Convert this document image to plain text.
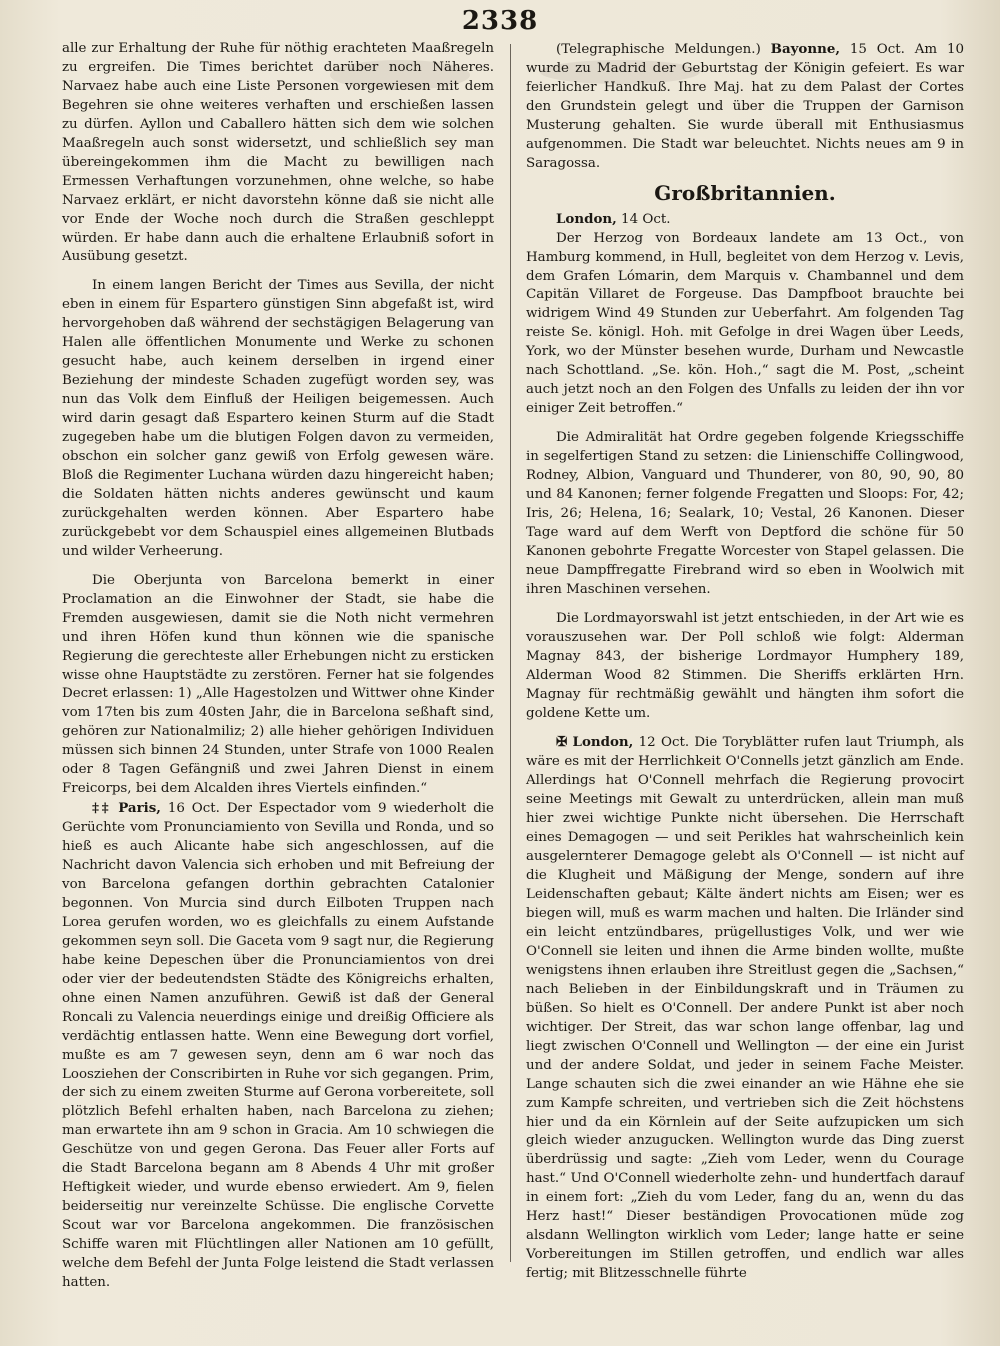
2338

alle zur Erhaltung der Ruhe für nöthig erachteten Maaßregeln zu ergreifen. Die Times berichtet darüber noch Näheres. Narvaez habe auch eine Liste Personen vorgewiesen mit dem Begehren sie ohne weiteres verhaften und erschießen lassen zu dürfen. Ayllon und Caballero hätten sich dem wie solchen Maaßregeln auch sonst widersetzt, und schließlich sey man übereingekommen ihm die Macht zu bewilligen nach Ermessen Verhaftungen vorzunehmen, ohne welche, so habe Narvaez erklärt, er nicht davorstehn könne daß sie nicht alle vor Ende der Woche noch durch die Straßen geschleppt würden. Er habe dann auch die erhaltene Erlaubniß sofort in Ausübung gesetzt.

In einem langen Bericht der Times aus Sevilla, der nicht eben in einem für Espartero günstigen Sinn abgefaßt ist, wird hervorgehoben daß während der sechstägigen Belagerung van Halen alle öffentlichen Monumente und Werke zu schonen gesucht habe, auch keinem derselben in irgend einer Beziehung der mindeste Schaden zugefügt worden sey, was nun das Volk dem Einfluß der Heiligen beigemessen. Auch wird darin gesagt daß Espartero keinen Sturm auf die Stadt zugegeben habe um die blutigen Folgen davon zu vermeiden, obschon ein solcher ganz gewiß von Erfolg gewesen wäre. Bloß die Regimenter Luchana würden dazu hingereicht haben; die Soldaten hätten nichts anderes gewünscht und kaum zurückgehalten werden können. Aber Espartero habe zurückgebebt vor dem Schauspiel eines allgemeinen Blutbads und wilder Verheerung.

Die Oberjunta von Barcelona bemerkt in einer Proclamation an die Einwohner der Stadt, sie habe die Fremden ausgewiesen, damit sie die Noth nicht vermehren und ihren Höfen kund thun können wie die spanische Regierung die gerechteste aller Erhebungen nicht zu ersticken wisse ohne Hauptstädte zu zerstören. Ferner hat sie folgendes Decret erlassen: 1) „Alle Hagestolzen und Wittwer ohne Kinder vom 17ten bis zum 40sten Jahr, die in Barcelona seßhaft sind, gehören zur Nationalmiliz; 2) alle hieher gehörigen Individuen müssen sich binnen 24 Stunden, unter Strafe von 1000 Realen oder 8 Tagen Gefängniß und zwei Jahren Dienst in einem Freicorps, bei dem Alcalden ihres Viertels einfinden.“

‡‡ Paris, 16 Oct. Der Espectador vom 9 wiederholt die Gerüchte vom Pronunciamiento von Sevilla und Ronda, und so hieß es auch Alicante habe sich angeschlossen, auf die Nachricht davon Valencia sich erhoben und mit Befreiung der von Barcelona gefangen dorthin gebrachten Catalonier begonnen. Von Murcia sind durch Eilboten Truppen nach Lorea gerufen worden, wo es gleichfalls zu einem Aufstande gekommen seyn soll. Die Gaceta vom 9 sagt nur, die Regierung habe keine Depeschen über die Pronunciamientos von drei oder vier der bedeutendsten Städte des Königreichs erhalten, ohne einen Namen anzuführen. Gewiß ist daß der General Roncali zu Valencia neuerdings einige und dreißig Officiere als verdächtig entlassen hatte. Wenn eine Bewegung dort vorfiel, mußte es am 7 gewesen seyn, denn am 6 war noch das Loosziehen der Conscribirten in Ruhe vor sich gegangen. Prim, der sich zu einem zweiten Sturme auf Gerona vorbereitete, soll plötzlich Befehl erhalten haben, nach Barcelona zu ziehen; man erwartete ihn am 9 schon in Gracia. Am 10 schwiegen die Geschütze von und gegen Gerona. Das Feuer aller Forts auf die Stadt Barcelona begann am 8 Abends 4 Uhr mit großer Heftigkeit wieder, und wurde ebenso erwiedert. Am 9, fielen beiderseitig nur vereinzelte Schüsse. Die englische Corvette Scout war vor Barcelona angekommen. Die französischen Schiffe waren mit Flüchtlingen aller Nationen am 10 gefüllt, welche dem Befehl der Junta Folge leistend die Stadt verlassen hatten.

(Telegraphische Meldungen.) Bayonne, 15 Oct. Am 10 wurde zu Madrid der Geburtstag der Königin gefeiert. Es war feierlicher Handkuß. Ihre Maj. hat zu dem Palast der Cortes den Grundstein gelegt und über die Truppen der Garnison Musterung gehalten. Sie wurde überall mit Enthusiasmus aufgenommen. Die Stadt war beleuchtet. Nichts neues am 9 in Saragossa.

Großbritannien.

London, 14 Oct.

Der Herzog von Bordeaux landete am 13 Oct., von Hamburg kommend, in Hull, begleitet von dem Herzog v. Levis, dem Grafen Lómarin, dem Marquis v. Chambannel und dem Capitän Villaret de Forgeuse. Das Dampfboot brauchte bei widrigem Wind 49 Stunden zur Ueberfahrt. Am folgenden Tag reiste Se. königl. Hoh. mit Gefolge in drei Wagen über Leeds, York, wo der Münster besehen wurde, Durham und Newcastle nach Schottland. „Se. kön. Hoh.,“ sagt die M. Post, „scheint auch jetzt noch an den Folgen des Unfalls zu leiden der ihn vor einiger Zeit betroffen.“

Die Admiralität hat Ordre gegeben folgende Kriegsschiffe in segelfertigen Stand zu setzen: die Linienschiffe Collingwood, Rodney, Albion, Vanguard und Thunderer, von 80, 90, 90, 80 und 84 Kanonen; ferner folgende Fregatten und Sloops: For, 42; Iris, 26; Helena, 16; Sealark, 10; Vestal, 26 Kanonen. Dieser Tage ward auf dem Werft von Deptford die schöne für 50 Kanonen gebohrte Fregatte Worcester von Stapel gelassen. Die neue Dampffregatte Firebrand wird so eben in Woolwich mit ihren Maschinen versehen.

Die Lordmayorswahl ist jetzt entschieden, in der Art wie es vorauszusehen war. Der Poll schloß wie folgt: Alderman Magnay 843, der bisherige Lordmayor Humphery 189, Alderman Wood 82 Stimmen. Die Sheriffs erklärten Hrn. Magnay für rechtmäßig gewählt und hängten ihm sofort die goldene Kette um.

✠ London, 12 Oct. Die Toryblätter rufen laut Triumph, als wäre es mit der Herrlichkeit O'Connells jetzt gänzlich am Ende. Allerdings hat O'Connell mehrfach die Regierung provocirt seine Meetings mit Gewalt zu unterdrücken, allein man muß hier zwei wichtige Punkte nicht übersehen. Die Herrschaft eines Demagogen — und seit Perikles hat wahrscheinlich kein ausgelernterer Demagoge gelebt als O'Connell — ist nicht auf die Klugheit und Mäßigung der Menge, sondern auf ihre Leidenschaften gebaut; Kälte ändert nichts am Eisen; wer es biegen will, muß es warm machen und halten. Die Irländer sind ein leicht entzündbares, prügellustiges Volk, und wer wie O'Connell sie leiten und ihnen die Arme binden wollte, mußte wenigstens ihnen erlauben ihre Streitlust gegen die „Sachsen,“ nach Belieben in der Einbildungskraft und in Träumen zu büßen. So hielt es O'Connell. Der andere Punkt ist aber noch wichtiger. Der Streit, das war schon lange offenbar, lag und liegt zwischen O'Connell und Wellington — der eine ein Jurist und der andere Soldat, und jeder in seinem Fache Meister. Lange schauten sich die zwei einander an wie Hähne ehe sie zum Kampfe schreiten, und vertrieben sich die Zeit höchstens hier und da ein Körnlein auf der Seite aufzupicken um sich gleich wieder anzugucken. Wellington wurde das Ding zuerst überdrüssig und sagte: „Zieh vom Leder, wenn du Courage hast.“ Und O'Connell wiederholte zehn- und hundertfach darauf in einem fort: „Zieh du vom Leder, fang du an, wenn du das Herz hast!“ Dieser beständigen Provocationen müde zog alsdann Wellington wirklich vom Leder; lange hatte er seine Vorbereitungen im Stillen getroffen, und endlich war alles fertig; mit Blitzesschnelle führte
